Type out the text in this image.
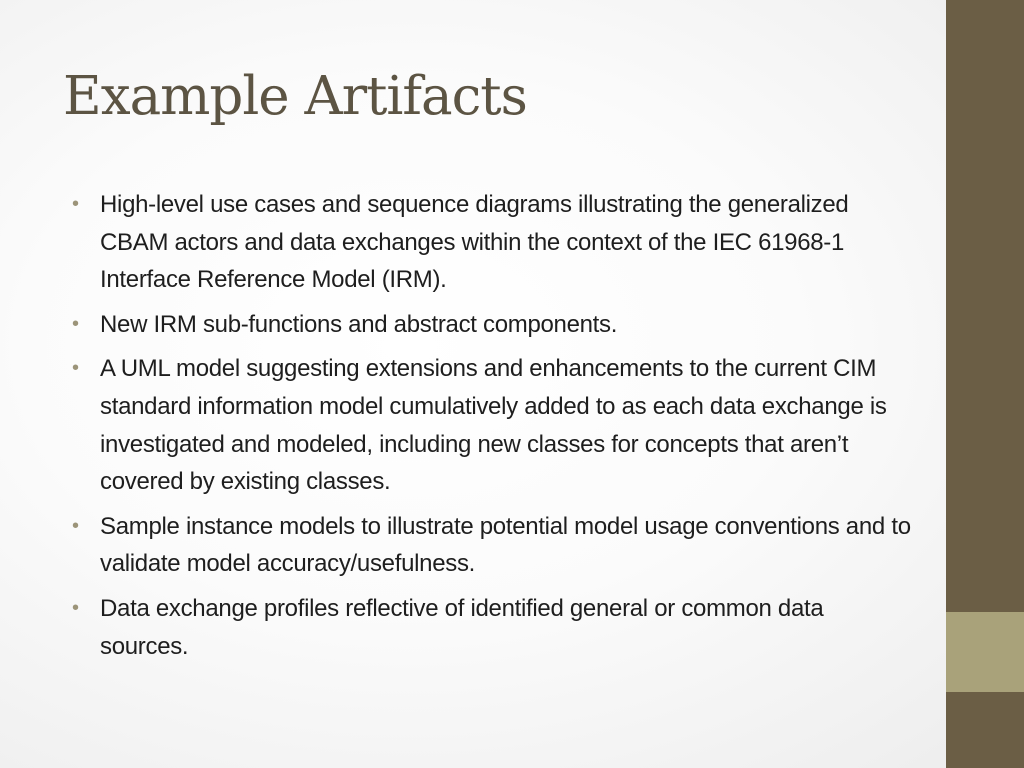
Example Artifacts
• High-level use cases and sequence diagrams illustrating the generalized CBAM actors and data exchanges within the context of the IEC 61968-1 Interface Reference Model (IRM).
• New IRM sub-functions and abstract components.
• A UML model suggesting extensions and enhancements to the current CIM standard information model cumulatively added to as each data exchange is investigated and modeled, including new classes for concepts that aren’t covered by existing classes.
• Sample instance models to illustrate potential model usage conventions and to validate model accuracy/usefulness.
• Data exchange profiles reflective of identified general or common data sources.
